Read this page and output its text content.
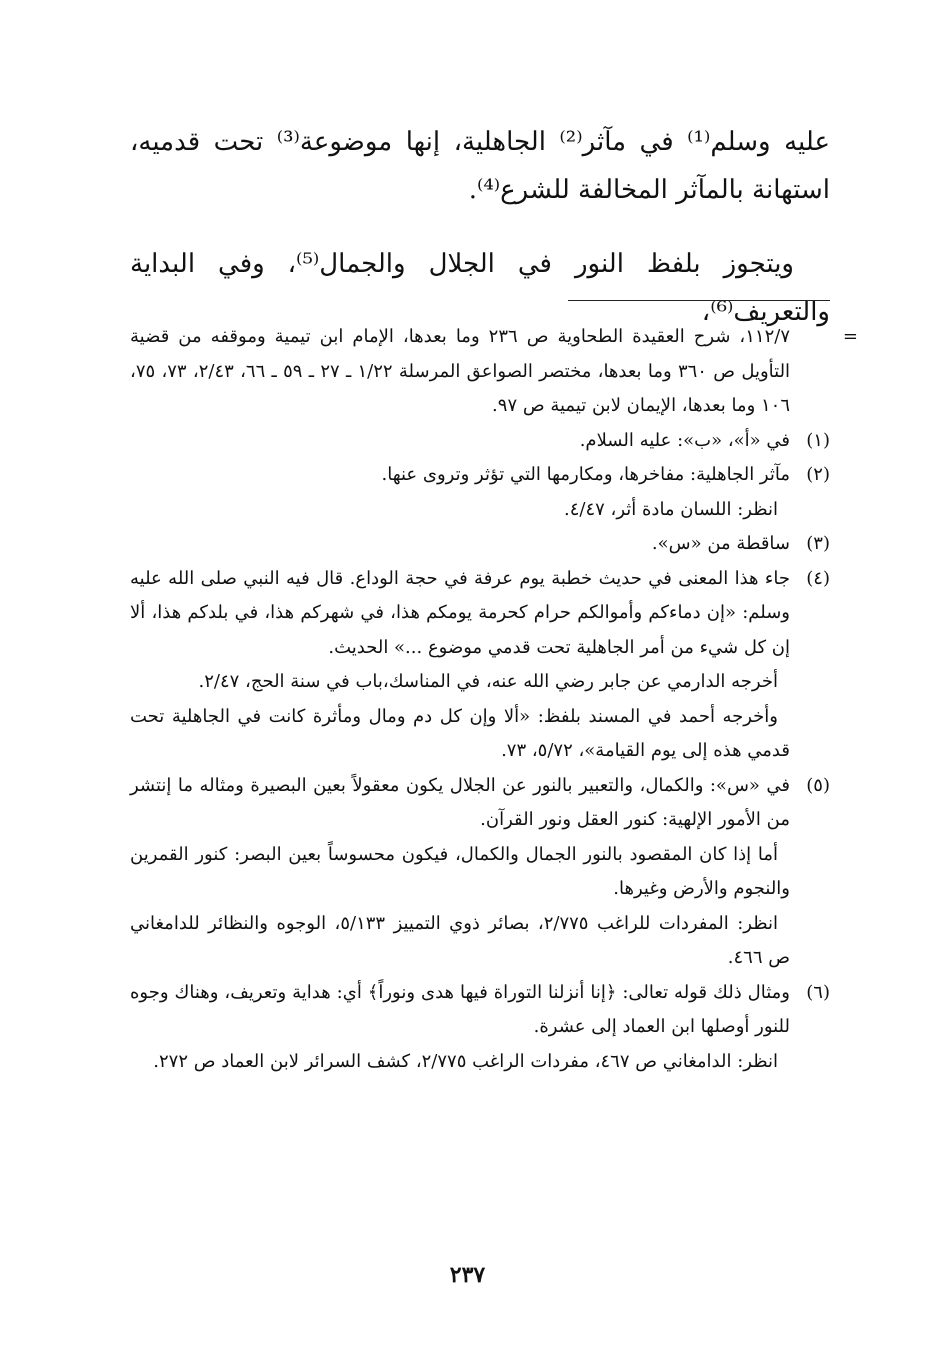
عليه وسلم⁽¹⁾ في مآثر⁽²⁾ الجاهلية، إنها موضوعة⁽³⁾ تحت قدميه، استهانة بالمآثر المخالفة للشرع⁽⁴⁾.

ويتجوز بلفظ النور في الجلال والجمال⁽⁵⁾، وفي البداية والتعريف⁽⁶⁾،

=
١١٢/٧، شرح العقيدة الطحاوية ص ٢٣٦ وما بعدها، الإمام ابن تيمية وموقفه من قضية التأويل ص ٣٦٠ وما بعدها، مختصر الصواعق المرسلة ١/٢٢ ـ ٢٧ ـ ٥٩ ـ ٦٦، ٢/٤٣، ٧٣، ٧٥، ١٠٦ وما بعدها، الإيمان لابن تيمية ص ٩٧.
(١)

في «أ»، «ب»: عليه السلام.

(٢)

مآثر الجاهلية: مفاخرها، ومكارمها التي تؤثر وتروى عنها.

انظر: اللسان مادة أثر، ٤/٤٧.

(٣)

ساقطة من «س».

(٤)

جاء هذا المعنى في حديث خطبة يوم عرفة في حجة الوداع. قال فيه النبي صلى الله عليه وسلم: «إن دماءكم وأموالكم حرام كحرمة يومكم هذا، في شهركم هذا، في بلدكم هذا، ألا إن كل شيء من أمر الجاهلية تحت قدمي موضوع ...» الحديث.

أخرجه الدارمي عن جابر رضي الله عنه، في المناسك،باب في سنة الحج، ٢/٤٧.

وأخرجه أحمد في المسند بلفظ: «ألا وإن كل دم ومال ومأثرة كانت في الجاهلية تحت قدمي هذه إلى يوم القيامة»، ٥/٧٢، ٧٣.

(٥)

في «س»: والكمال، والتعبير بالنور عن الجلال يكون معقولاً بعين البصيرة ومثاله ما إنتشر من الأمور الإلهية: كنور العقل ونور القرآن.

أما إذا كان المقصود بالنور الجمال والكمال، فيكون محسوساً بعين البصر: كنور القمرين والنجوم والأرض وغيرها.

انظر: المفردات للراغب ٢/٧٧٥، بصائر ذوي التمييز ٥/١٣٣، الوجوه والنظائر للدامغاني ص ٤٦٦.

(٦)

ومثال ذلك قوله تعالى: ﴿إنا أنزلنا التوراة فيها هدى ونوراً﴾ أي: هداية وتعريف، وهناك وجوه للنور أوصلها ابن العماد إلى عشرة.

انظر: الدامغاني ص ٤٦٧، مفردات الراغب ٢/٧٧٥، كشف السرائر لابن العماد ص ٢٧٢.

٢٣٧
